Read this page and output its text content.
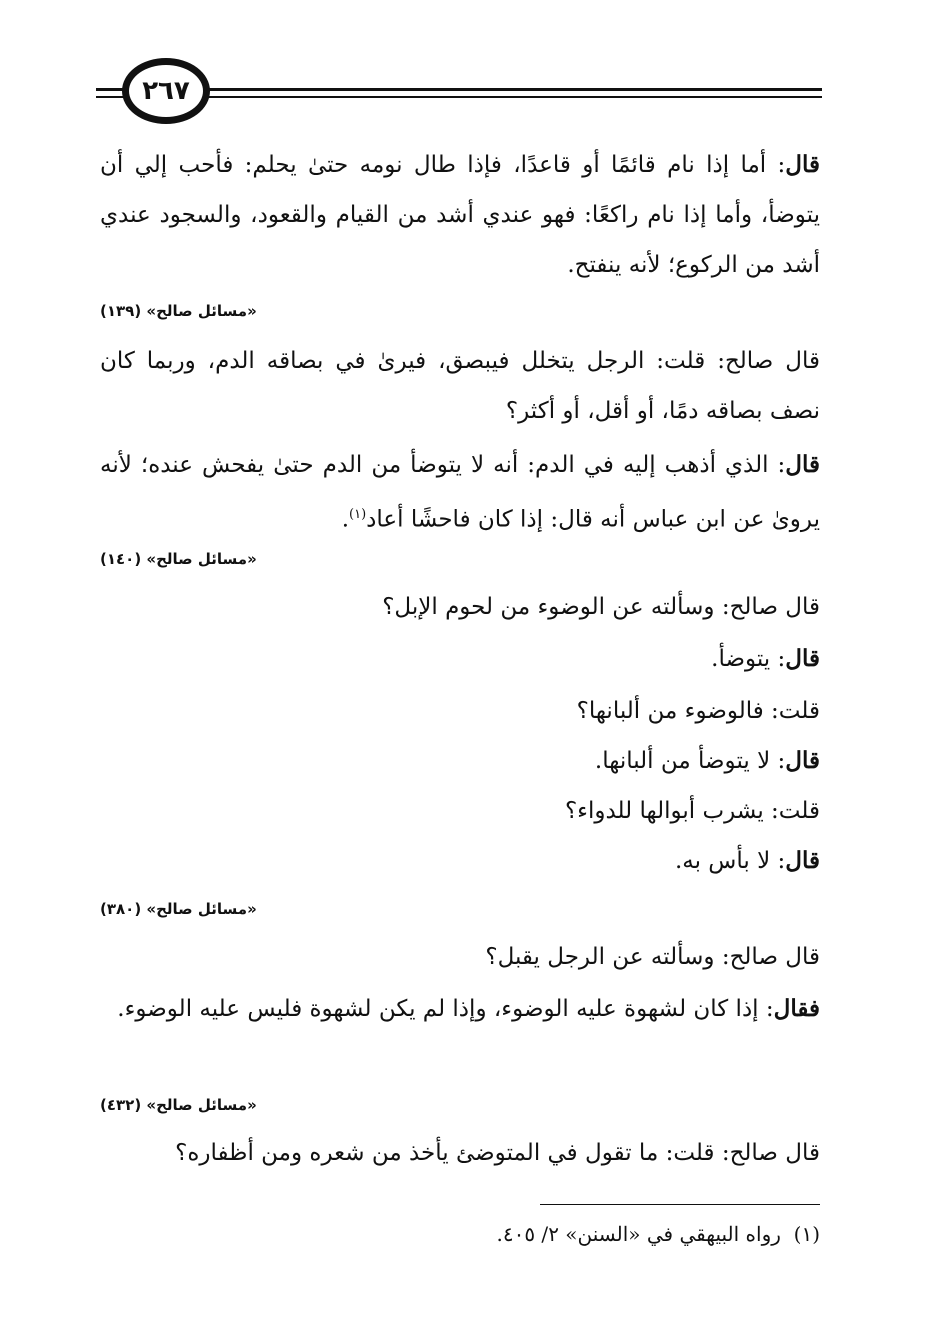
٢٦٧
قال: أما إذا نام قائمًا أو قاعدًا، فإذا طال نومه حتىٰ يحلم: فأحب إلي أن يتوضأ، وأما إذا نام راكعًا: فهو عندي أشد من القيام والقعود، والسجود عندي أشد من الركوع؛ لأنه ينفتح.
«مسائل صالح» (١٣٩)
قال صالح: قلت: الرجل يتخلل فيبصق، فيرىٰ في بصاقه الدم، وربما كان نصف بصاقه دمًا، أو أقل، أو أكثر؟
قال: الذي أذهب إليه في الدم: أنه لا يتوضأ من الدم حتىٰ يفحش عنده؛ لأنه يروىٰ عن ابن عباس أنه قال: إذا كان فاحشًا أعاد$^{(١)}$.
«مسائل صالح» (١٤٠)
قال صالح: وسألته عن الوضوء من لحوم الإبل؟
قال: يتوضأ.
قلت: فالوضوء من ألبانها؟
قال: لا يتوضأ من ألبانها.
قلت: يشرب أبوالها للدواء؟
قال: لا بأس به.
«مسائل صالح» (٣٨٠)
قال صالح: وسألته عن الرجل يقبل؟
فقال: إذا كان لشهوة عليه الوضوء، وإذا لم يكن لشهوة فليس عليه الوضوء.
«مسائل صالح» (٤٣٢)
قال صالح: قلت: ما تقول في المتوضئ يأخذ من شعره ومن أظفاره؟
(١)  رواه البيهقي في «السنن» ٢/ ٤٠٥.
